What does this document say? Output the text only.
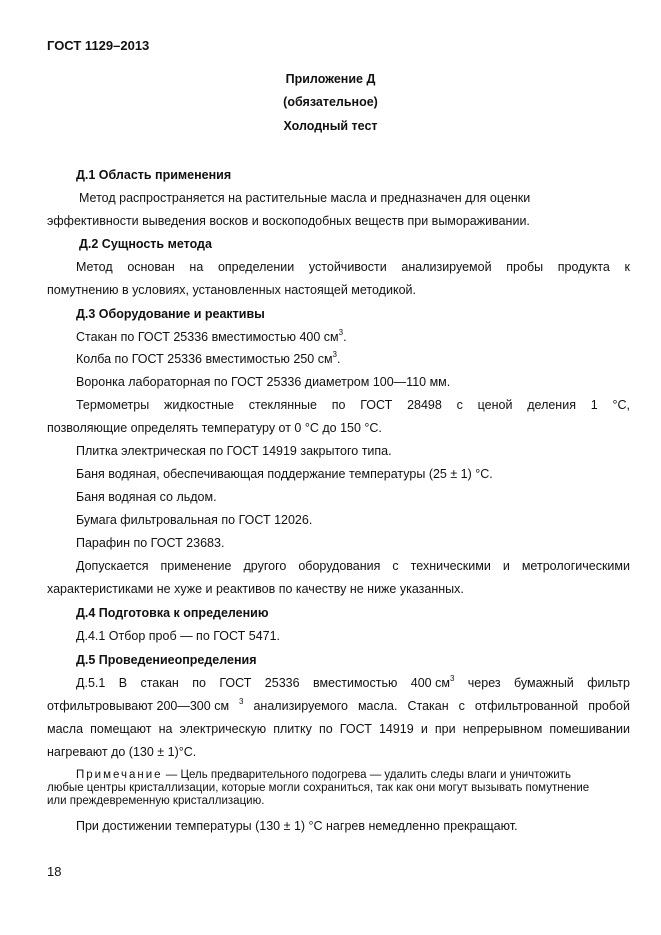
ГОСТ 1129–2013
Приложение Д
(обязательное)
Холодный тест
Д.1 Область применения
Метод распространяется на растительные масла и предназначен для оценки
эффективности выведения восков и воскоподобных веществ при вымораживании.
Д.2 Сущность метода
Метод основан на определении устойчивости анализируемой пробы продукта к
помутнению в условиях, установленных настоящей методикой.
Д.3 Оборудование и реактивы
Стакан по ГОСТ 25336 вместимостью 400 $см^3$.
Колба по ГОСТ 25336 вместимостью 250 $см^3$.
Воронка лабораторная по ГОСТ 25336 диаметром 100—110 мм.
Термометры жидкостные стеклянные по ГОСТ 28498 с ценой деления 1 °С,
позволяющие определять температуру от 0 °С до 150 °С.
Плитка электрическая по ГОСТ 14919 закрытого типа.
Баня водяная, обеспечивающая поддержание температуры (25 ± 1) °С.
Баня водяная со льдом.
Бумага фильтровальная по ГОСТ 12026.
Парафин по ГОСТ 23683.
Допускается применение другого оборудования с техническими и метрологическими
характеристиками не хуже и реактивов по качеству не ниже указанных.
Д.4 Подготовка к определению
Д.4.1 Отбор проб — по ГОСТ 5471.
Д.5 Проведениеопределения
Д.5.1 В стакан по ГОСТ 25336 вместимостью 400 $см^3$ через бумажный фильтр
отфильтровывают 200—300 см $^3$ анализируемого масла. Стакан с отфильтрованной пробой
масла помещают на электрическую плитку по ГОСТ 14919 и при непрерывном помешивании
нагревают до (130 ± 1)°С.
Примечание — Цель предварительного подогрева — удалить следы влаги и уничтожить
любые центры кристаллизации, которые могли сохраниться, так как они могут вызывать помутнение
или преждевременную кристаллизацию.
При достижении температуры (130 ± 1) °С нагрев немедленно прекращают.
18
